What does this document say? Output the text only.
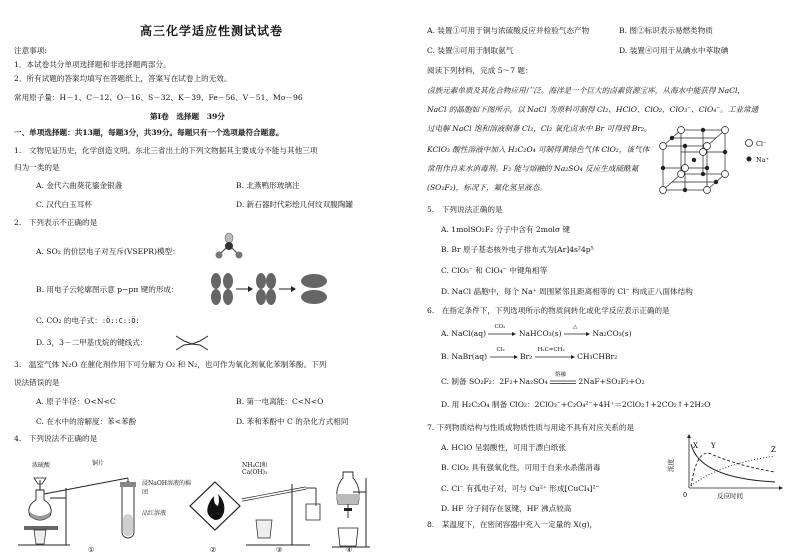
高三化学适应性测试试卷
注意事项:
1．本试卷共分单项选择题和非选择题两部分。
2．所有试题的答案均填写在答题纸上，答案写在试卷上的无效。
常用原子量：H－1、C－12、O－16、S－32、K－39、Fe－56、V－51、Mo－96
第Ⅰ卷　选择题　39分
一、单项选择题：共13题，每题3分，共39分。每题只有一个选项最符合题意。
1.　文物见证历史，化学创造文明。东北三省出土的下列文物据其主要成分不能与其他三项
归为一类的是
A. 金代六曲葵花鎏金银盏	B. 北燕鸭形玻璃注
C. 汉代白玉耳杯	D. 新石器时代彩绘几何纹双腹陶罐
2.　下列表示不正确的是
A. SO₂ 的价层电子对互斥(VSEPR)模型：
B. 用电子云轮廓图示意 p−pπ 键的形成：
C. CO₂ 的电子式：:Ö::C::Ö:
D. 3，3－二甲基戊烷的键线式：
3.　温室气体 N₂O 在催化剂作用下可分解为 O₂ 和 N₂，也可作为氧化剂氧化苯制苯酚。下列
说法错误的是
A. 原子半径：O<N<C	B. 第一电离能：C<N<O
C. 在水中的溶解度：苯<苯酚	D. 苯和苯酚中 C 的杂化方式相同
4.　下列说法不正确的是
浓硫酸	铜片
浸NaOH溶液的棉团
品红溶液
NH₄Cl和Ca(OH)₂
①	②	③	④
A. 装置①可用于铜与浓硫酸反应并检验气态产物	B. 图②标识表示易燃类物质
C. 装置③可用于制取氨气	D. 装置④可用于从碘水中萃取碘
阅读下列材料，完成 5～7 题：
卤族元素单质及其化合物应用广泛。海洋是一个巨大的卤素资源宝库，从海水中能获得 NaCl，
NaCl 的晶胞如下图所示。以 NaCl 为原料可制得 Cl₂、HClO、ClO₂、ClO₃⁻、ClO₄⁻。工业常通
过电解 NaCl 饱和溶液制备 Cl₂，Cl₂ 氧化卤水中 Br 可得到 Br₂。
KClO₃ 酸性溶液中加入 H₂C₂O₄ 可制得黄绿色气体 ClO₂，该气体
常用作自来水消毒剂。F₂ 能与熔融的 Na₂SO₄ 反应生成硫酰氟
(SO₂F₂)，标况下，氟化氢呈液态。
Cl⁻
Na⁺
5.　下列说法正确的是
A. 1molSO₂F₂ 分子中含有 2molσ 键
B. Br 原子基态核外电子排布式为[Ar]4s²4p⁵
C. ClO₃⁻ 和 ClO₄⁻ 中键角相等
D. NaCl 晶胞中，每个 Na⁺ 周围紧邻且距离相等的 Cl⁻ 构成正八面体结构
6.　在指定条件下，下列选项所示的物质间转化或化学反应表示正确的是
A. NaCl(aq)
CO₂
NaHCO₃(s)
△
Na₂CO₃(s)
B. NaBr(aq)
Cl₂
Br₂
H₂C=CH₂
CH₃CHBr₂
C. 制备 SO₂F₂：2F₂+Na₂SO₄
熔融
2NaF+SO₂F₂+O₂
D. 用 H₂C₂O₄ 制备 ClO₂：2ClO₃⁻+C₂O₄²⁻+4H⁺＝2ClO₂↑+2CO₂↑+2H₂O
7. 下列物质结构与性质或物质性质与用途不具有对应关系的是
A. HClO 呈弱酸性，可用于漂白纸张
B. ClO₂ 具有强氧化性，可用于自来水杀菌消毒
C. Cl⁻ 有孤电子对，可与 Cu²⁺ 形成[CuCl₄]²⁻
D. HF 分子间存在氢键，HF 沸点较高
8.　某温度下，在密闭容器中充入一定量的 X(g)，
X Y	Z
0	反应时间
浓度
